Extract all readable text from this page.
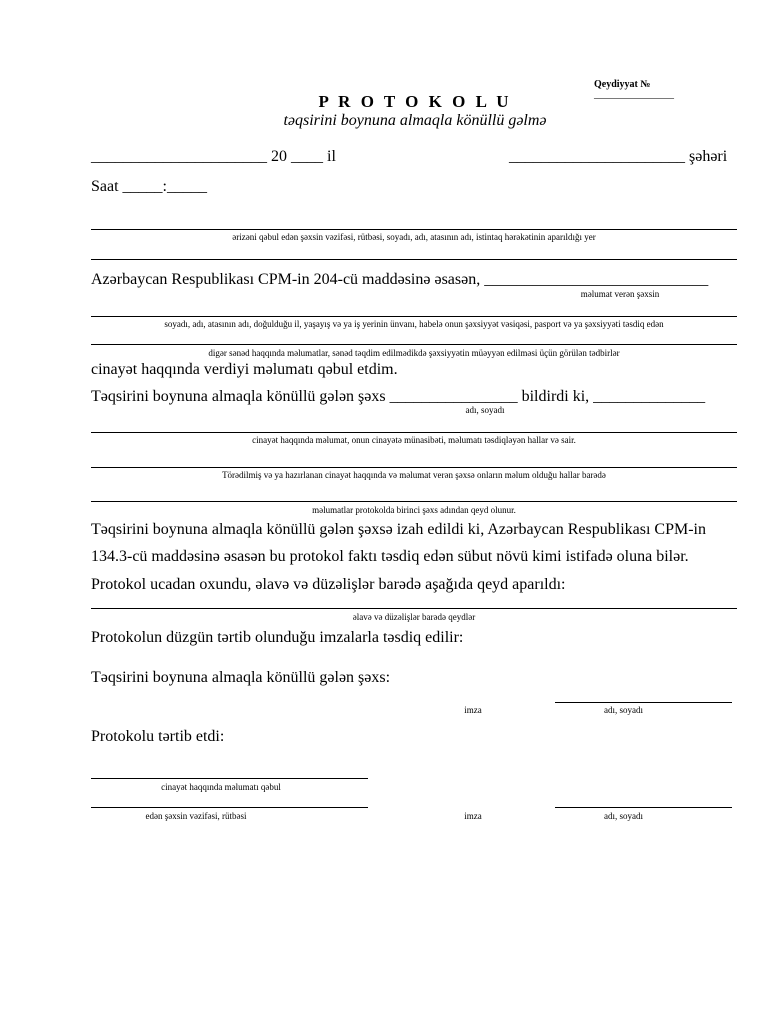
Qeydiyyat №
________________

P R O T O K O L U
təqsirini boynuna almaqla könüllü gəlmə
______________________ 20 ____ il	______________________ şəhəri
Saat _____:_____
ərizəni qəbul edən şəxsin vəzifəsi, rütbəsi, soyadı, adı, atasının adı, istintaq hərəkətinin aparıldığı yer
Azərbaycan Respublikası CPM-in 204-cü maddəsinə əsasən, ____________________________
məlumat verən şəxsin
soyadı, adı, atasının adı, doğulduğu il, yaşayış və ya iş yerinin ünvanı, habelə onun şəxsiyyət vəsiqəsi, pasport və ya şəxsiyyəti təsdiq edən
digər sənəd haqqında məlumatlar, sənəd təqdim edilmədikdə şəxsiyyətin müəyyən edilməsi üçün görülən tədbirlər
cinayət haqqında verdiyi məlumatı qəbul etdim.
Təqsirini boynuna almaqla könüllü gələn şəxs ________________ bildirdi ki, ______________
adı, soyadı
cinayət haqqında məlumat, onun cinayətə münasibəti, məlumatı təsdiqləyən hallar və sair.
Törədilmiş və ya hazırlanan cinayət haqqında və məlumat verən şəxsə onların məlum olduğu hallar barədə
məlumatlar protokolda birinci şəxs adından qeyd olunur.
Təqsirini boynuna almaqla könüllü gələn şəxsə izah edildi ki, Azərbaycan Respublikası CPM-in
134.3-cü maddəsinə əsasən bu protokol faktı təsdiq edən sübut növü kimi istifadə oluna bilər.
Protokol ucadan oxundu, əlavə və düzəlişlər barədə aşağıda qeyd aparıldı:
əlavə və düzəlişlər barədə qeydlər
Protokolun düzgün tərtib olunduğu imzalarla təsdiq edilir:
Təqsirini boynuna almaqla könüllü gələn şəxs:
imza	adı, soyadı
Protokolu tərtib etdi:
cinayət haqqında məlumatı qəbul
edən şəxsin vəzifəsi, rütbəsi	imza	adı, soyadı
